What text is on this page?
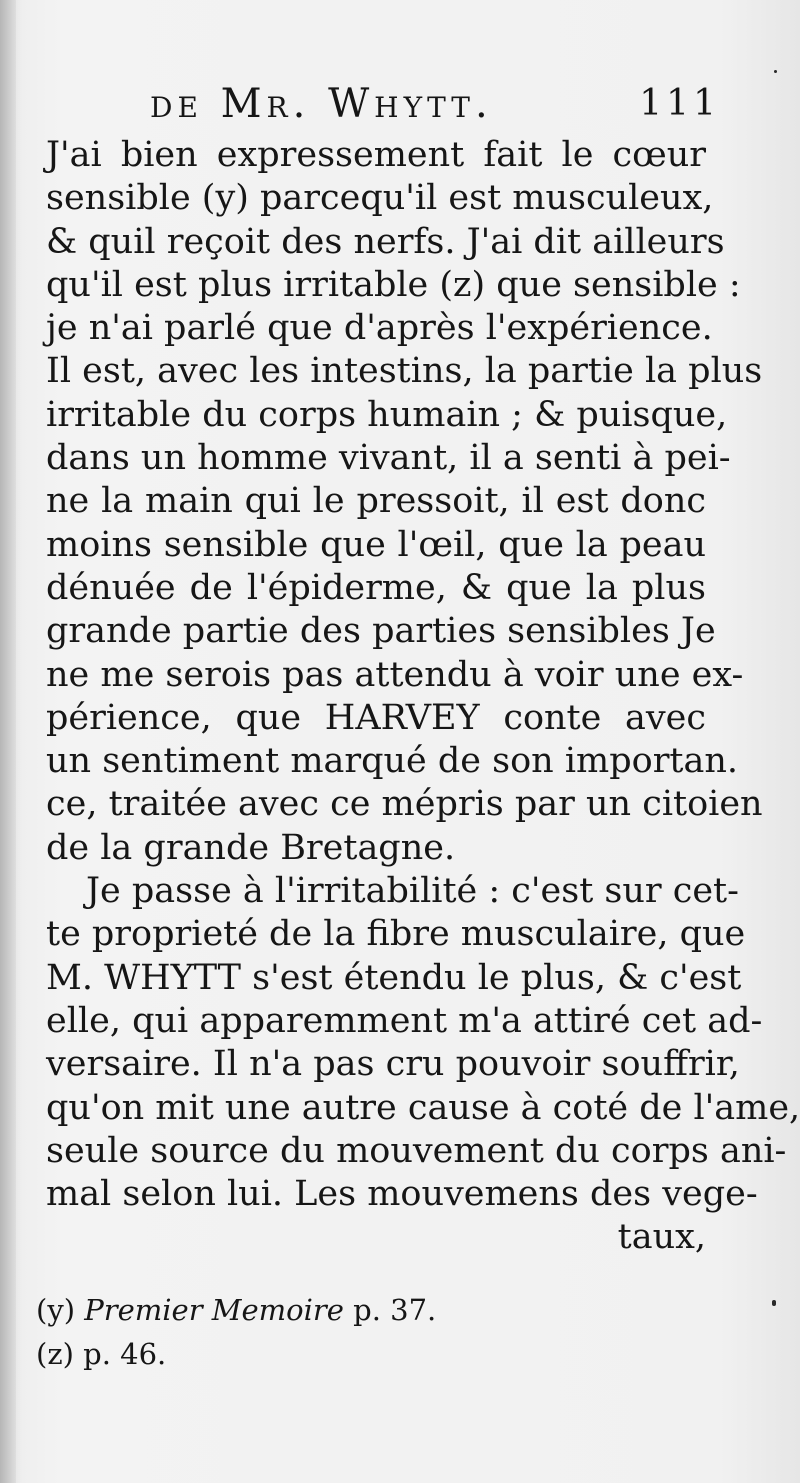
de Mr. Whytt.	111
J'ai bien expressement fait le cœur
sensible (y) parcequ'il est musculeux,
& quil reçoit des nerfs. J'ai dit ailleurs
qu'il est plus irritable (z) que sensible :
je n'ai parlé que d'après l'expérience.
Il est, avec les intestins, la partie la plus
irritable du corps humain ; & puisque,
dans un homme vivant, il a senti à pei-
ne la main qui le pressoit, il est donc
moins sensible que l'œil, que la peau
dénuée de l'épiderme, & que la plus
grande partie des parties sensibles Je
ne me serois pas attendu à voir une ex-
périence, que HARVEY conte avec
un sentiment marqué de son importan.
ce, traitée avec ce mépris par un citoien
de la grande Bretagne.
Je passe à l'irritabilité : c'est sur cet-
te proprieté de la fibre musculaire, que
M. WHYTT s'est étendu le plus, & c'est
elle, qui apparemment m'a attiré cet ad-
versaire. Il n'a pas cru pouvoir souffrir,
qu'on mit une autre cause à coté de l'ame,
seule source du mouvement du corps ani-
mal selon lui. Les mouvemens des vege-
taux,
(y) Premier Memoire p. 37.
(z) p. 46.
